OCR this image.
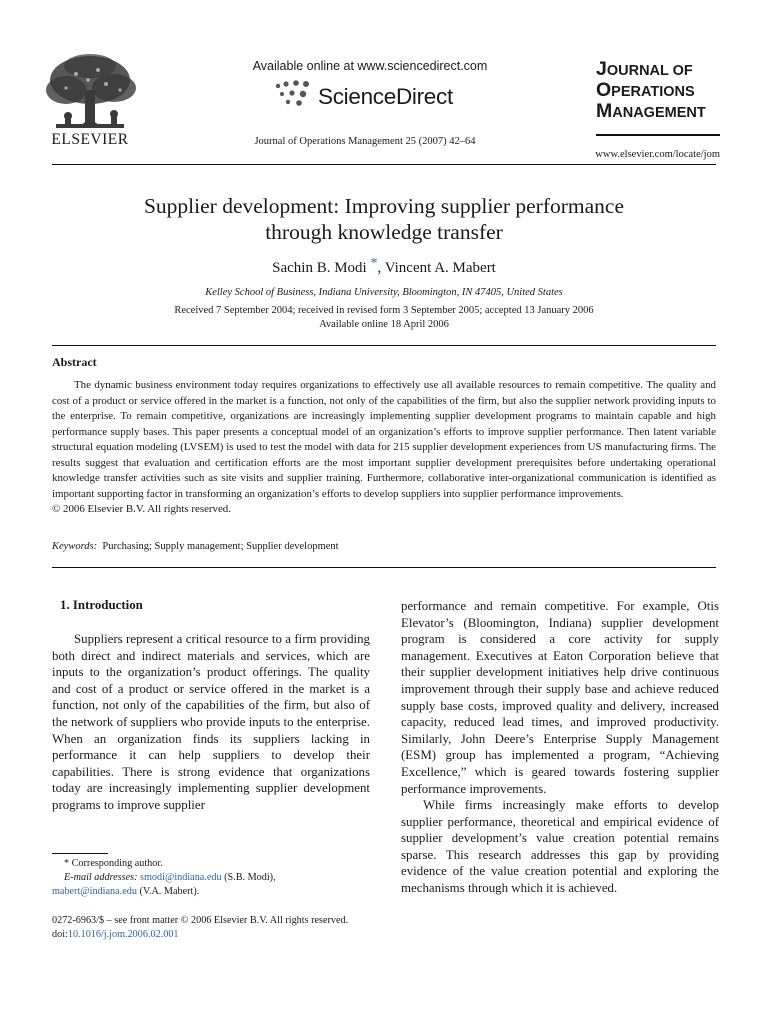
ELSEVIER
Available online at www.sciencedirect.com
ScienceDirect
Journal of Operations Management 25 (2007) 42–64
JOURNAL OF
OPERATIONS
MANAGEMENT
www.elsevier.com/locate/jom
Supplier development: Improving supplier performance
through knowledge transfer
Sachin B. Modi *, Vincent A. Mabert
Kelley School of Business, Indiana University, Bloomington, IN 47405, United States
Received 7 September 2004; received in revised form 3 September 2005; accepted 13 January 2006
Available online 18 April 2006
Abstract

The dynamic business environment today requires organizations to effectively use all available resources to remain competitive. The quality and cost of a product or service offered in the market is a function, not only of the capabilities of the firm, but also the supplier network providing inputs to the enterprise. To remain competitive, organizations are increasingly implementing supplier development programs to maintain capable and high performance supply bases. This paper presents a conceptual model of an organization’s efforts to improve supplier performance. Then latent variable structural equation modeling (LVSEM) is used to test the model with data for 215 supplier development experiences from US manufacturing firms. The results suggest that evaluation and certification efforts are the most important supplier development prerequisites before undertaking operational knowledge transfer activities such as site visits and supplier training. Furthermore, collaborative inter-organizational communication is identified as important supporting factor in transforming an organization’s efforts to develop suppliers into supplier performance improvements.
© 2006 Elsevier B.V. All rights reserved.

Keywords: Purchasing; Supply management; Supplier development
1. Introduction

Suppliers represent a critical resource to a firm providing both direct and indirect materials and services, which are inputs to the organization’s product offerings. The quality and cost of a product or service offered in the market is a function, not only of the capabilities of the firm, but also of the network of suppliers who provide inputs to the enterprise. When an organization finds its suppliers lacking in performance it can help suppliers to develop their capabilities. There is strong evidence that organizations today are increasingly implementing supplier development programs to improve supplier

performance and remain competitive. For example, Otis Elevator’s (Bloomington, Indiana) supplier development program is considered a core activity for supply management. Executives at Eaton Corporation believe that their supplier development initiatives help drive continuous improvement through their supply base and achieve reduced supply base costs, improved quality and delivery, increased capacity, reduced lead times, and improved productivity. Similarly, John Deere’s Enterprise Supply Management (ESM) group has implemented a program, “Achieving Excellence,” which is geared towards fostering supplier performance improvements.

While firms increasingly make efforts to develop supplier performance, theoretical and empirical evidence of supplier development’s value creation potential remains sparse. This research addresses this gap by providing evidence of the value creation potential and exploring the mechanisms through which it is achieved.

* Corresponding author.
E-mail addresses: smodi@indiana.edu (S.B. Modi),
mabert@indiana.edu (V.A. Mabert).
0272-6963/$ – see front matter © 2006 Elsevier B.V. All rights reserved.
doi:10.1016/j.jom.2006.02.001
